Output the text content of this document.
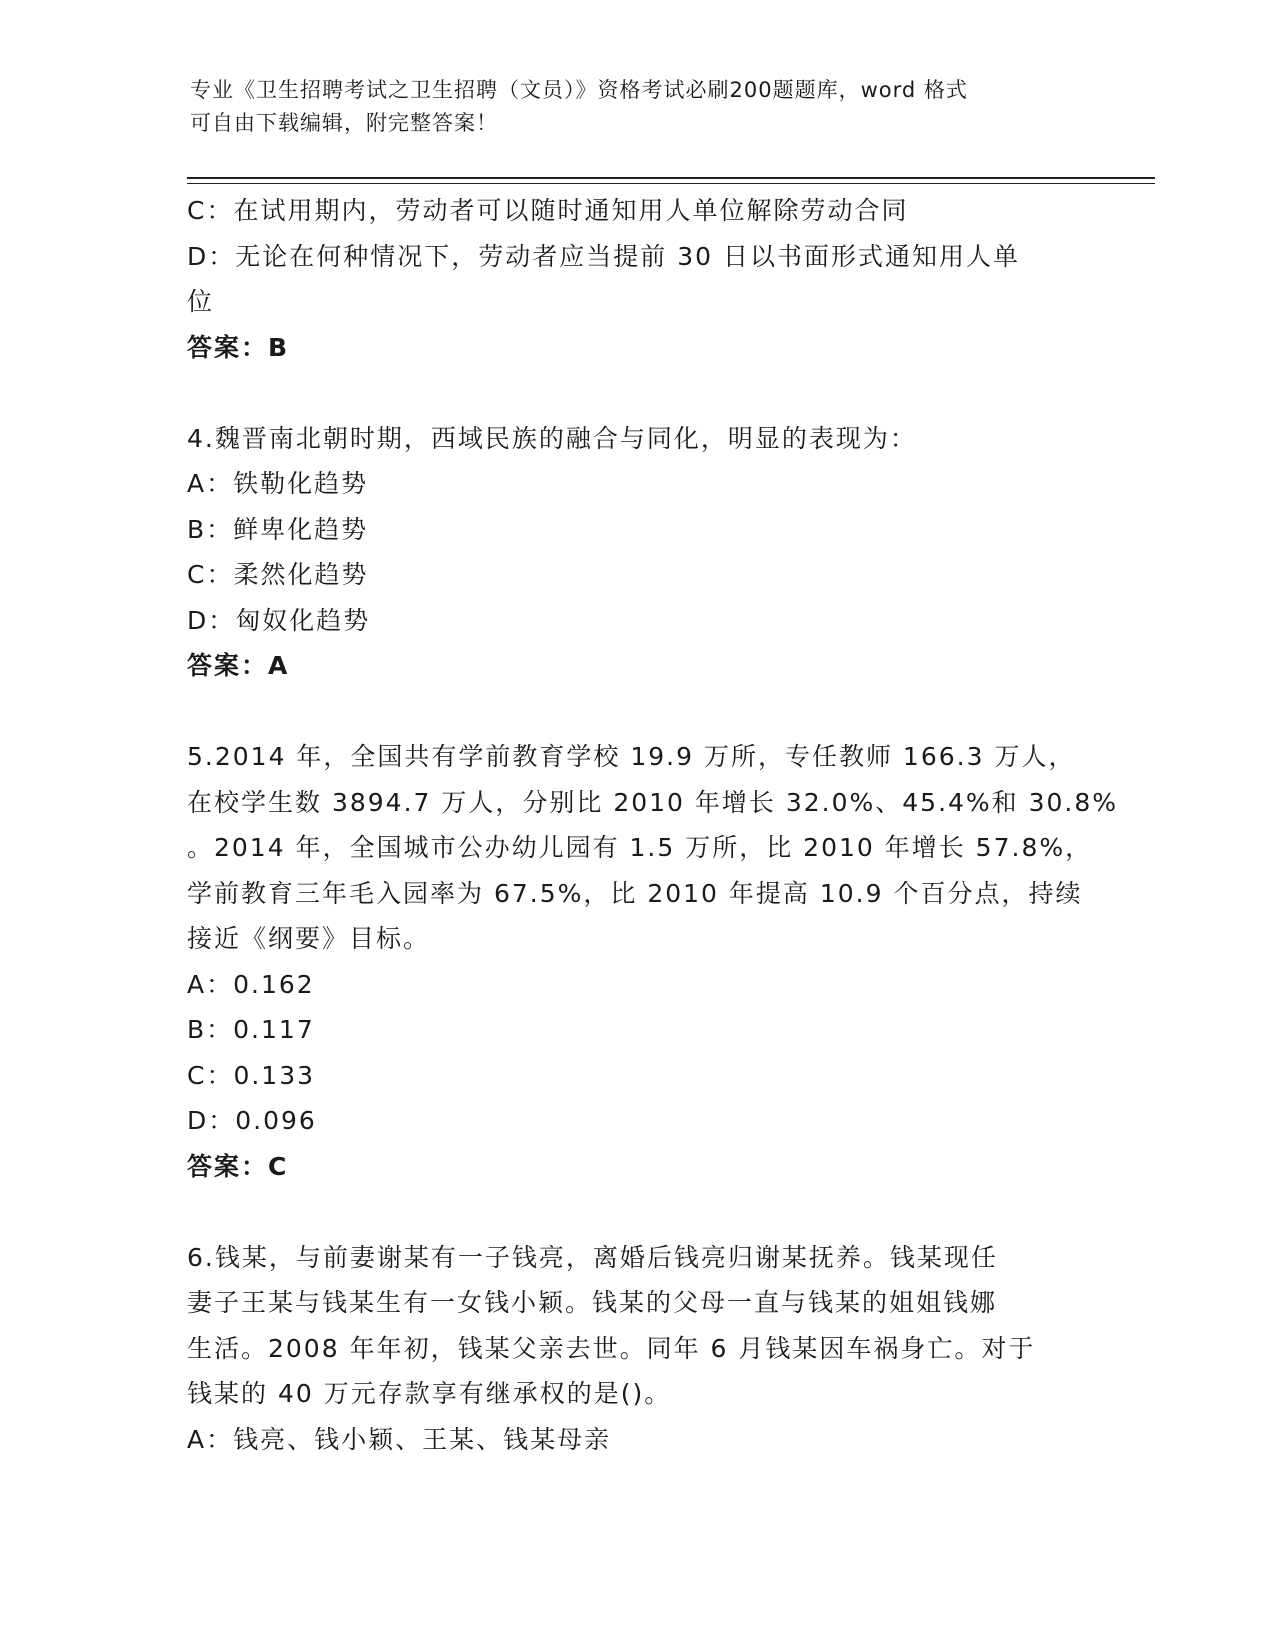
专业《卫生招聘考试之卫生招聘（文员）》资格考试必刷200题题库，word 格式
可自由下载编辑，附完整答案！
C：在试用期内，劳动者可以随时通知用人单位解除劳动合同
D：无论在何种情况下，劳动者应当提前 30 日以书面形式通知用人单
位
答案：B
4.魏晋南北朝时期，西域民族的融合与同化，明显的表现为：
A：铁勒化趋势
B：鲜卑化趋势
C：柔然化趋势
D：匈奴化趋势
答案：A
5.2014 年，全国共有学前教育学校 19.9 万所，专任教师 166.3 万人，
在校学生数 3894.7 万人，分别比 2010 年增长 32.0%、45.4%和 30.8%
。2014 年，全国城市公办幼儿园有 1.5 万所，比 2010 年增长 57.8%，
学前教育三年毛入园率为 67.5%，比 2010 年提高 10.9 个百分点，持续
接近《纲要》目标。
A：0.162
B：0.117
C：0.133
D：0.096
答案：C
6.钱某，与前妻谢某有一子钱亮，离婚后钱亮归谢某抚养。钱某现任
妻子王某与钱某生有一女钱小颖。钱某的父母一直与钱某的姐姐钱娜
生活。2008 年年初，钱某父亲去世。同年 6 月钱某因车祸身亡。对于
钱某的 40 万元存款享有继承权的是()。
A：钱亮、钱小颖、王某、钱某母亲
